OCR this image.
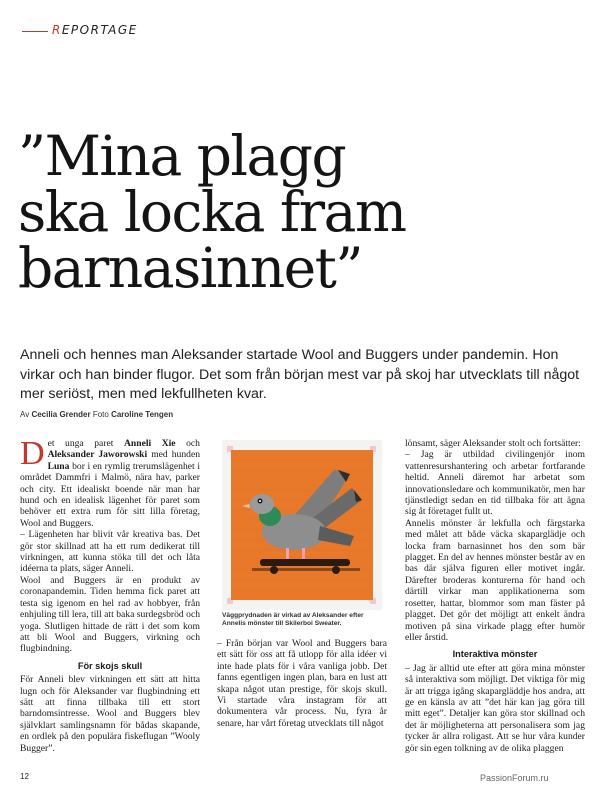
REPORTAGE
”Mina plagg
ska locka fram
barnasinnet”
Anneli och hennes man Aleksander startade Wool and Buggers under pandemin. Hon virkar och han binder flugor. Det som från början mest var på skoj har utvecklats till något mer seriöst, men med lekfullheten kvar.
Av Cecilia Grender Foto Caroline Tengen

Det unga paret Anneli Xie och Aleksander Jaworowski med hunden Luna bor i en rymlig trerumslägenhet i området Dammfri i Malmö, nära hav, parker och city. Ett idealiskt boende när man har hund och en idealisk lägenhet för paret som behöver ett extra rum för sitt lilla företag, Wool and Buggers.

– Lägenheten har blivit vår kreativa bas. Det gör stor skillnad att ha ett rum dedikerat till virkningen, att kunna stöka till det och låta idéerna ta plats, säger Anneli.

Wool and Buggers är en produkt av coronapandemin. Tiden hemma fick paret att testa sig igenom en hel rad av hobbyer, från enhjuling till lera, till att baka surdegsbröd och yoga. Slutligen hittade de rätt i det som kom att bli Wool and Buggers, virkning och flugbindning.

För skojs skull

För Anneli blev virkningen ett sätt att hitta lugn och för Aleksander var flugbindning ett sätt att finna tillbaka till ett stort barndomsintresse. Wool and Buggers blev självklart samlingsnamn för bådas skapande, en ordlek på den populära fiskeflugan ”Wooly Bugger”.

Väggprydnaden är virkad av Aleksander efter Annelis mönster till Skilerboi Sweater.

– Från början var Wool and Buggers bara ett sätt för oss att få utlopp för alla idéer vi inte hade plats för i våra vanliga jobb. Det fanns egentligen ingen plan, bara en lust att skapa något utan prestige, för skojs skull. Vi startade våra instagram för att dokumentera vår process. Nu, fyra år senare, har vårt företag utvecklats till något

lönsamt, säger Aleksander stolt och fortsätter:

– Jag är utbildad civilingenjör inom vattenresurshantering och arbetar fortfarande heltid. Anneli däremot har arbetat som innovationsledare och kommunikatör, men har tjänstledigt sedan en tid tillbaka för att ägna sig åt företaget fullt ut.

Annelis mönster är lekfulla och färgstarka med målet att både väcka skaparglädje och locka fram barnasinnet hos den som bär plagget. En del av hennes mönster består av en bas där själva figuren eller motivet ingår. Därefter broderas konturerna för hand och därtill virkar man applikationerna som rosetter, hattar, blommor som man fäster på plagget. Det gör det möjligt att enkelt ändra motiven på sina virkade plagg efter humör eller årstid.

Interaktiva mönster

– Jag är alltid ute efter att göra mina mönster så interaktiva som möjligt. Det viktiga för mig är att trigga igång skapargläddje hos andra, att ge en känsla av att ”det här kan jag göra till mitt eget”. Detaljer kan göra stor skillnad och det är möjligheterna att personalisera som jag tycker är allra roligast. Att se hur våra kunder gör sin egen tolkning av de olika plaggen

12	PassionForum.ru
